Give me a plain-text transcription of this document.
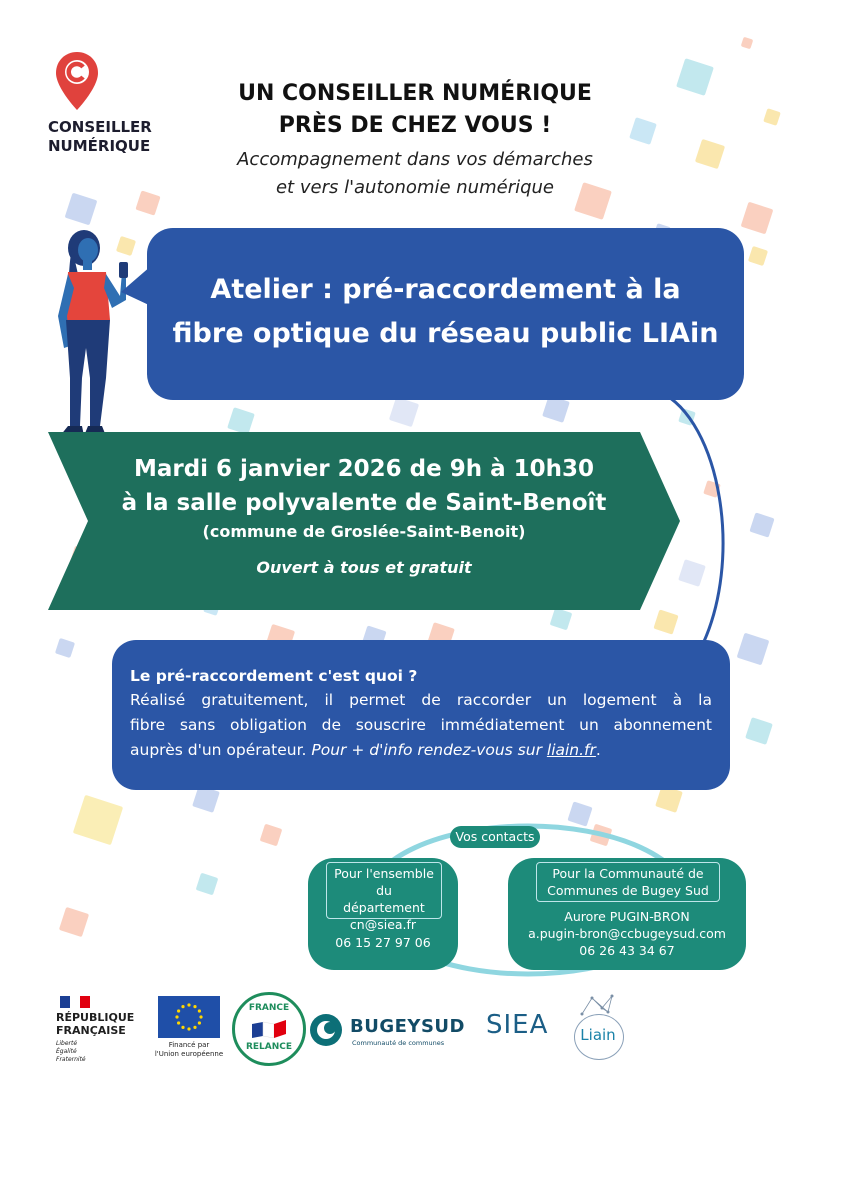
CONSEILLER
NUMÉRIQUE
UN CONSEILLER NUMÉRIQUE
PRÈS DE CHEZ VOUS !
Accompagnement dans vos démarches
et vers l'autonomie numérique
Atelier : pré-raccordement à la
fibre optique du réseau public LIAin
Mardi 6 janvier 2026 de 9h à 10h30
à la salle polyvalente de Saint-Benoît
(commune de Groslée-Saint-Benoit)
Ouvert à tous et gratuit
Le pré-raccordement c'est quoi ?
Réalisé gratuitement, il permet de raccorder un logement à la
fibre sans obligation de souscrire immédiatement un abonnement
auprès d'un opérateur. Pour + d'info rendez-vous sur liain.fr.
Vos contacts
Pour l'ensemble du
département
cn@siea.fr
06 15 27 97 06
Pour la Communauté de
Communes de Bugey Sud
Aurore PUGIN-BRON
a.pugin-bron@ccbugeysud.com
06 26 43 34 67
RÉPUBLIQUE
FRANÇAISE
Liberté
Égalité
Fraternité
Financé par
l'Union européenne
FRANCE
RELANCE
BUGEYSUD
Communauté de communes
SIEA	Liain
